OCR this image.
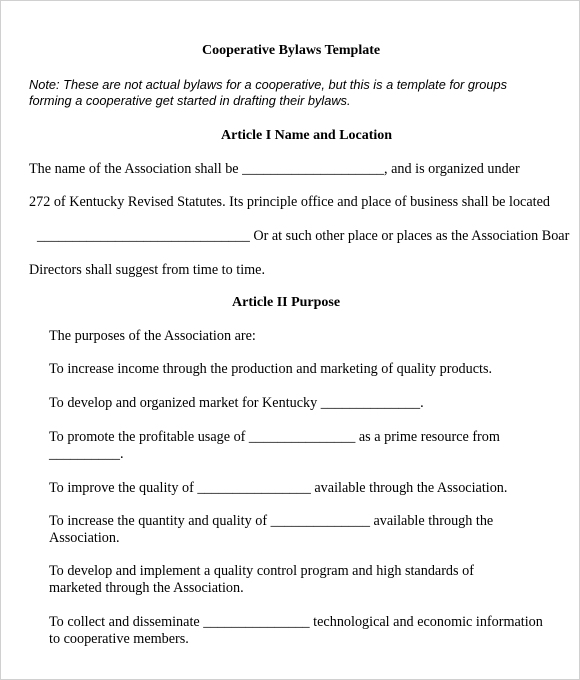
Cooperative Bylaws Template
Note: These are not actual bylaws for a cooperative, but this is a template for groups
forming a cooperative get started in drafting their bylaws.
Article I Name and Location
The name of the Association shall be ____________________, and is organized under
272 of Kentucky Revised Statutes. Its principle office and place of business shall be located
______________________________ Or at such other place or places as the Association Boar
Directors shall suggest from time to time.
Article II Purpose
The purposes of the Association are:
To increase income through the production and marketing of quality products.
To develop and organized market for Kentucky ______________.
To promote the profitable usage of _______________ as a prime resource from
__________.
To improve the quality of ________________ available through the Association.
To increase the quantity and quality of ______________ available through the
Association.
To develop and implement a quality control program and high standards of
marketed through the Association.
To collect and disseminate _______________ technological and economic information
to cooperative members.
